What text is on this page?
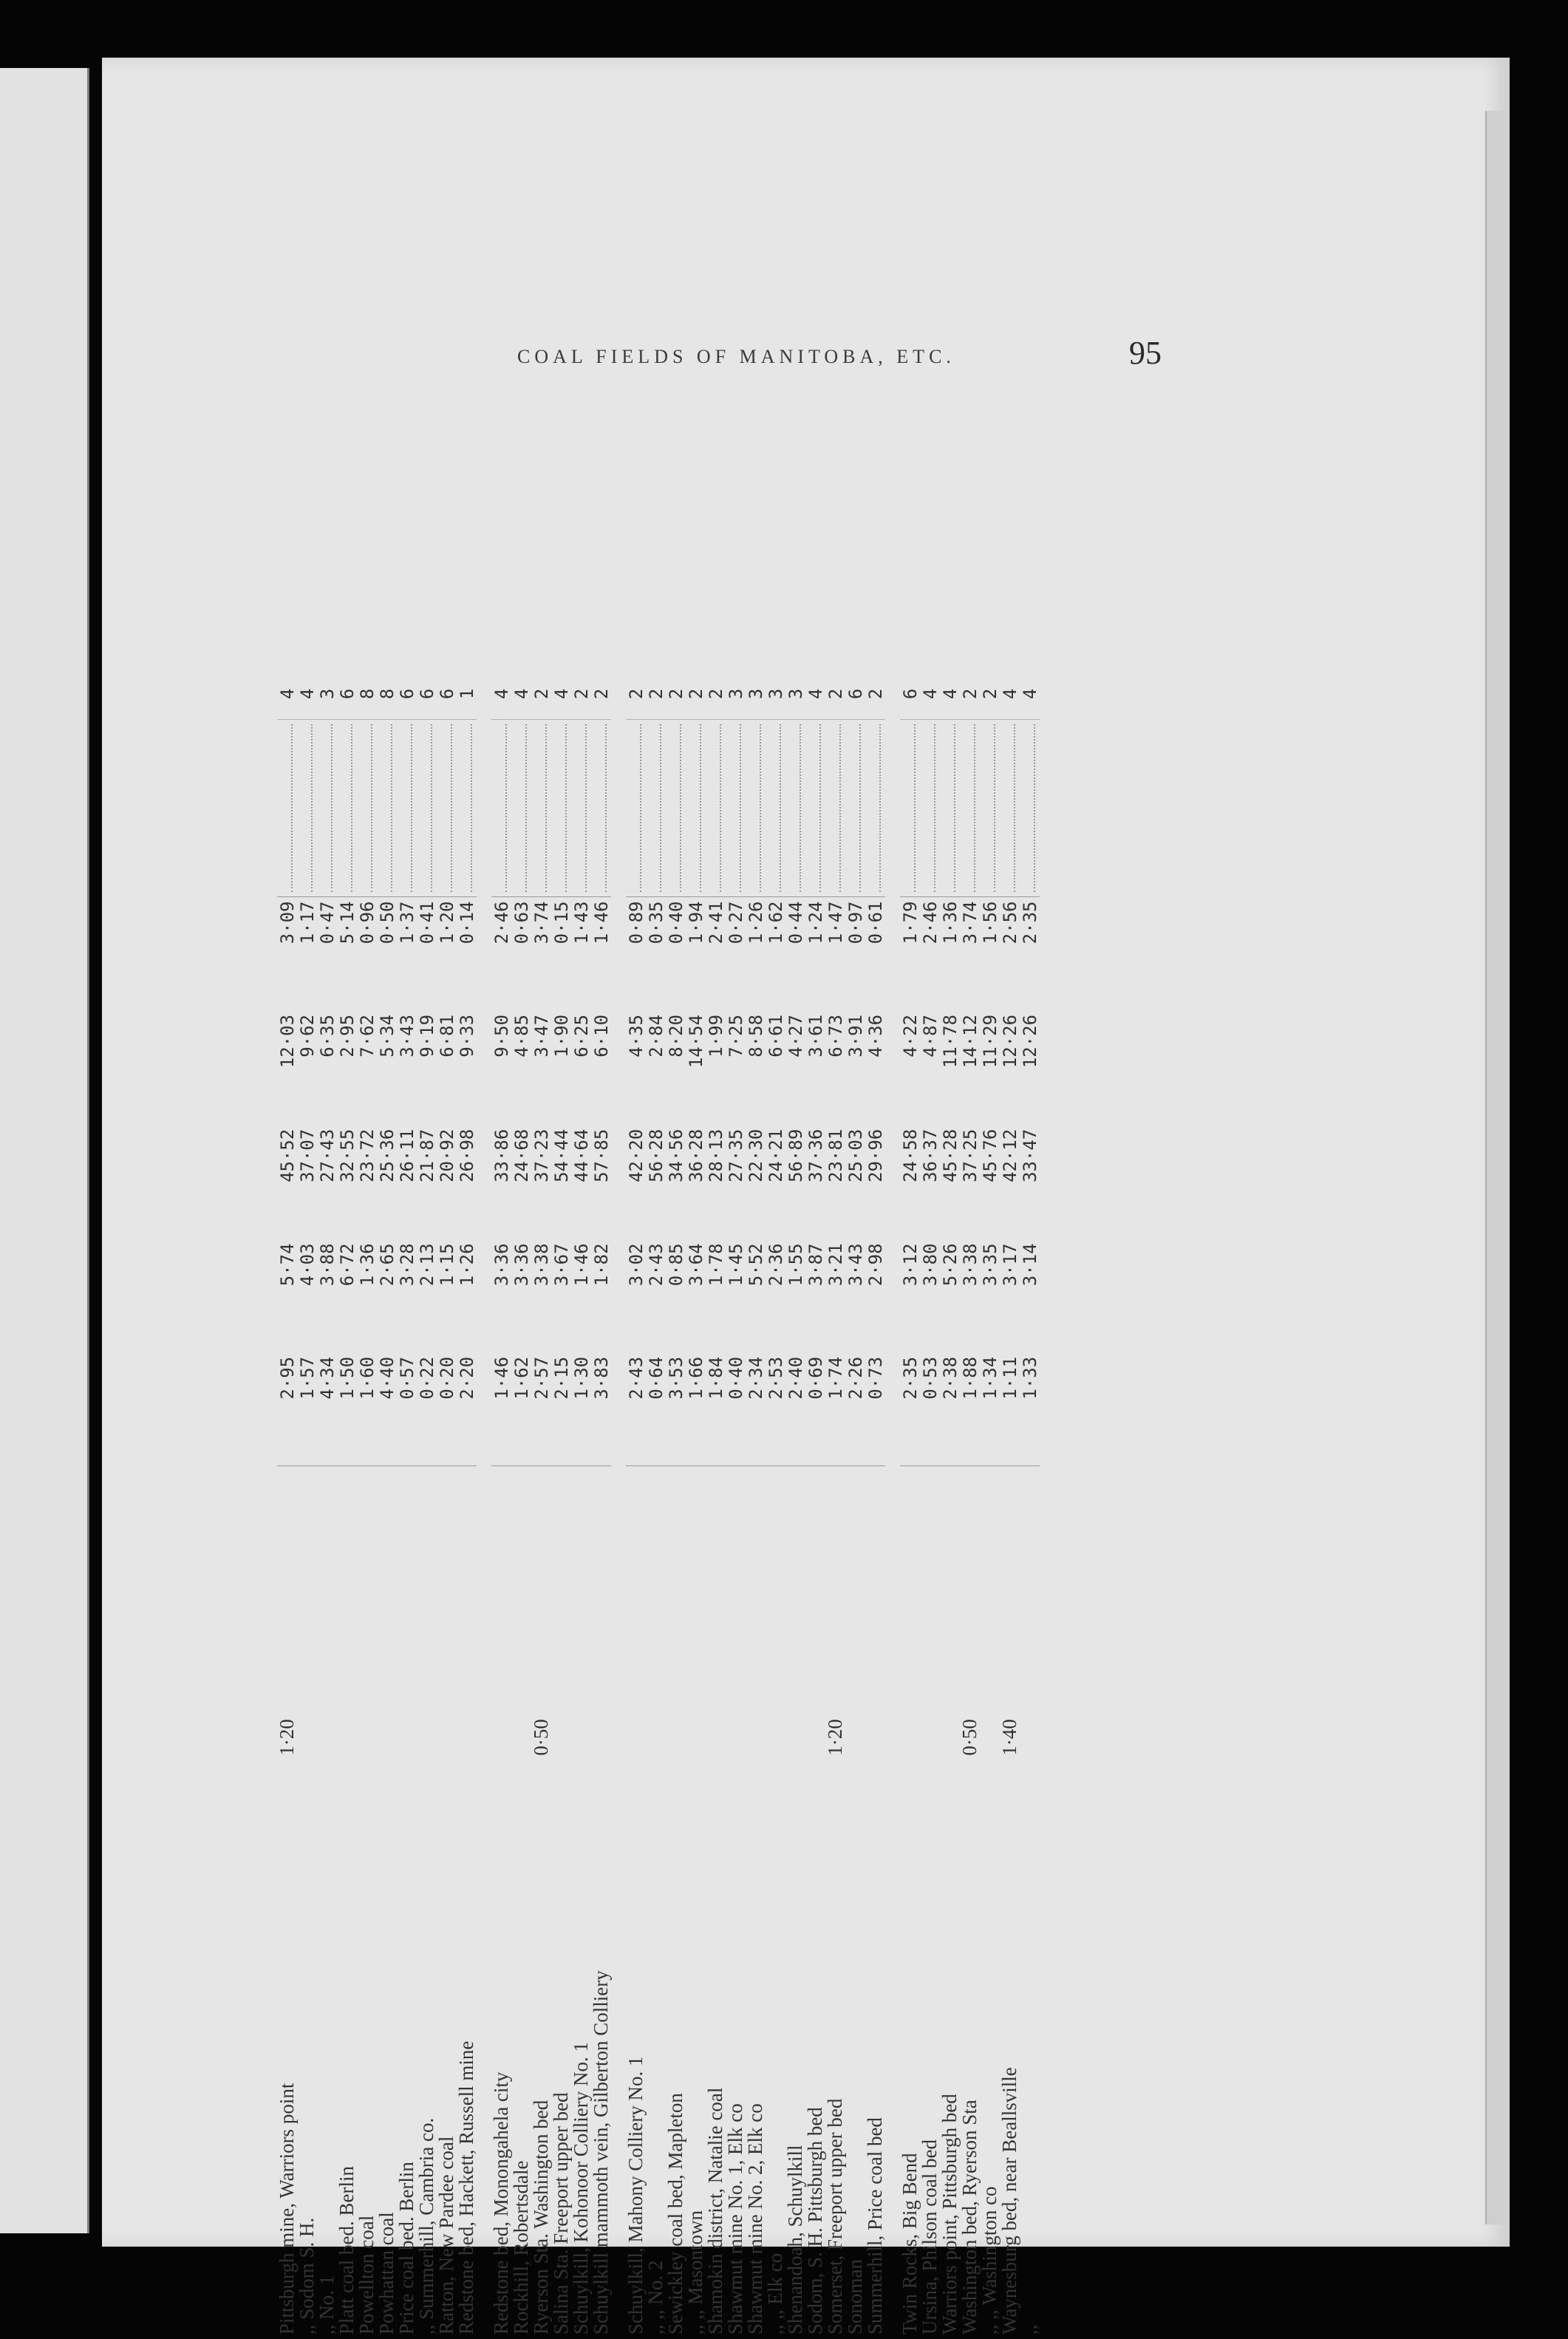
COAL FIELDS OF MANITOBA, ETC.	95
Pittsburgh mine, Warriors point	1·20	2·95	5·74	45·52	12·03	3·09		4
,, Sodom S. H.		1·57	4·03	37·07	9·62	1·17		4
,, No. 1		4·34	3·88	27·43	6·35	0·47		3
Platt coal bed. Berlin		1·50	6·72	32·55	2·95	5·14		6
Powellton coal		1·60	1·36	23·72	7·62	0·96		8
Powhattan coal		4·40	2·65	25·36	5·34	0·50		8
Price coal bed. Berlin		0·57	3·28	26·11	3·43	1·37		6
,, Summerhill, Cambria co.		0·22	2·13	21·87	9·19	0·41		6
Ratton, New Pardee coal		0·20	1·15	20·92	6·81	1·20		6
Redstone bed, Hackett, Russell mine		2·20	1·26	26·98	9·33	0·14		1

Redstone bed, Monongahela city		1·46	3·36	33·86	9·50	2·46		4
Rockhill, Robertsdale		1·62	3·36	24·68	4·85	0·63		4
Ryerson Sta. Washington bed	0·50	2·57	3·38	37·23	3·47	3·74		2
Salina Sta. Freeport upper bed		2·15	3·67	54·44	1·90	0·15		4
Schuylkill, Kohonoor Colliery No. 1		1·30	1·46	44·64	6·25	1·43		2
Schuylkill mammoth vein, Gilberton Colliery		3·83	1·82	57·85	6·10	1·46		2

Schuylkill, Mahony Colliery No. 1		2·43	3·02	42·20	4·35	0·89		2
,, ,, No. 2		0·64	2·43	56·28	2·84	0·35		2
Sewickley coal bed, Mapleton		3·53	0·85	34·56	8·20	0·40		2
,, ,, Masontown		1·66	3·64	36·28	14·54	1·94		2
Shamokin district, Natalie coal		1·84	1·78	28·13	1·99	2·41		2
Shawmut mine No. 1, Elk co		0·40	1·45	27·35	7·25	0·27		3
Shawmut mine No. 2, Elk co		2·34	5·52	22·30	8·58	1·26		3
,, ,, Elk co		2·53	2·36	24·21	6·61	1·62		3
Shenandoah, Schuylkill		2·40	1·55	56·89	4·27	0·44		3
Sodom, S. H. Pittsburgh bed		0·69	3·87	37·36	3·61	1·24		4
Somerset, Freeport upper bed	1·20	1·74	3·21	23·81	6·73	1·47		2
Sonoman		2·26	3·43	25·03	3·91	0·97		6
Summerhill, Price coal bed		0·73	2·98	29·96	4·36	0·61		2

Twin Rocks, Big Bend		2·35	3·12	24·58	4·22	1·79		6
Ursina, Philson coal bed		0·53	3·80	36·37	4·87	2·46		4
Warriors point, Pittsburgh bed		2·38	5·26	45·28	11·78	1·36		4
Washington bed, Ryerson Sta	0·50	1·88	3·38	37·25	14·12	3·74		2
,, ,, Washington co		1·34	3·35	45·76	11·29	1·56		2
Waynesburg bed, near Beallsville	1·40	1·11	3·17	42·12	12·26	2·56		4
,,		1·33	3·14	33·47	12·26	2·35		4
